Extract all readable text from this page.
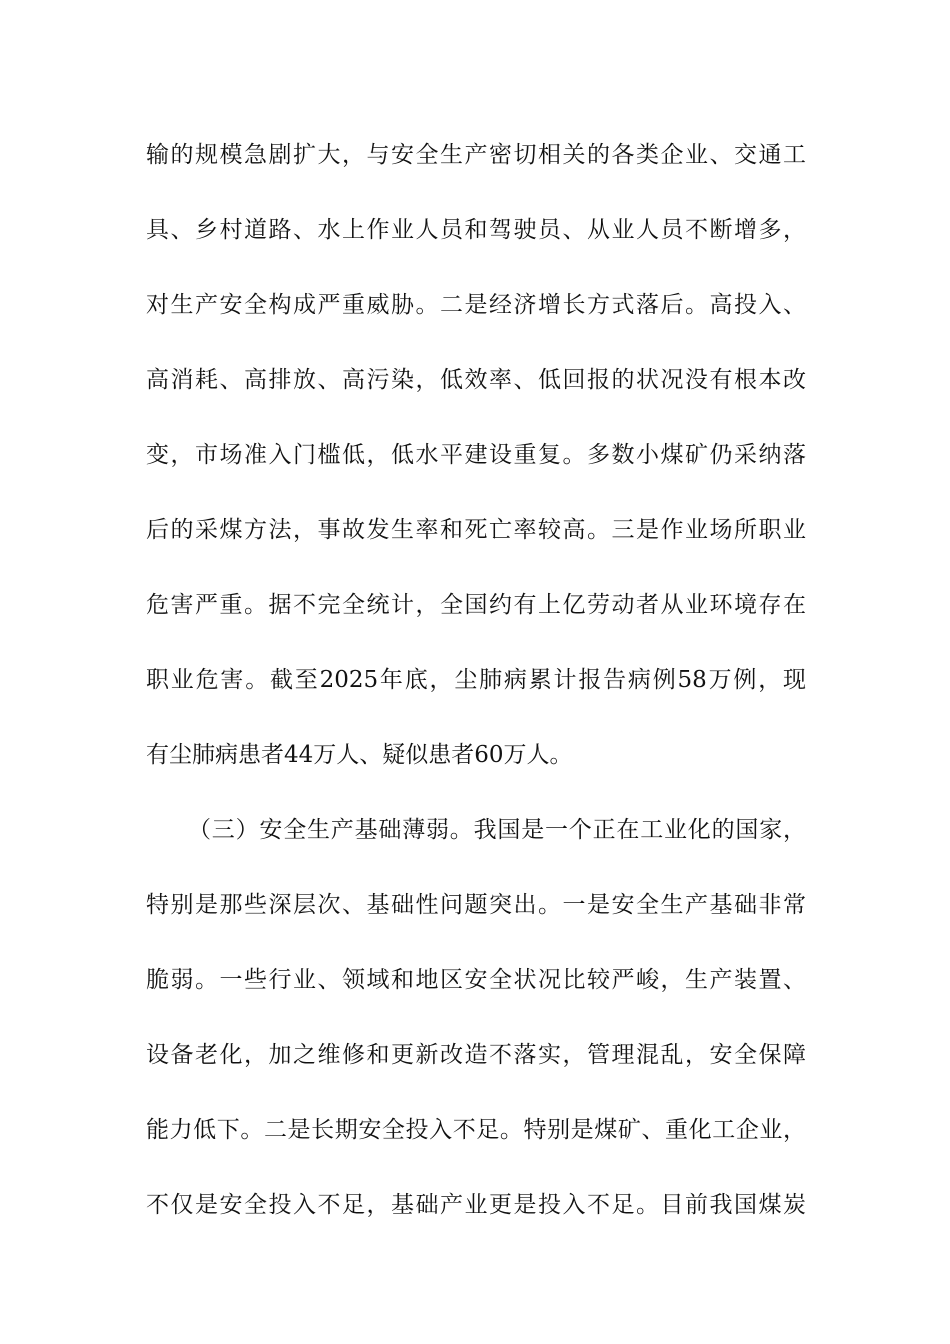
输的规模急剧扩大，与安全生产密切相关的各类企业、交通工
具、乡村道路、水上作业人员和驾驶员、从业人员不断增多，
对生产安全构成严重威胁。二是经济增长方式落后。高投入、
高消耗、高排放、高污染，低效率、低回报的状况没有根本改
变，市场准入门槛低，低水平建设重复。多数小煤矿仍采纳落
后的采煤方法，事故发生率和死亡率较高。三是作业场所职业
危害严重。据不完全统计，全国约有上亿劳动者从业环境存在
职业危害。截至2025年底，尘肺病累计报告病例58万例，现
有尘肺病患者44万人、疑似患者60万人。
（三）安全生产基础薄弱。我国是一个正在工业化的国家，
特别是那些深层次、基础性问题突出。一是安全生产基础非常
脆弱。一些行业、领域和地区安全状况比较严峻，生产装置、
设备老化，加之维修和更新改造不落实，管理混乱，安全保障
能力低下。二是长期安全投入不足。特别是煤矿、重化工企业，
不仅是安全投入不足，基础产业更是投入不足。目前我国煤炭
